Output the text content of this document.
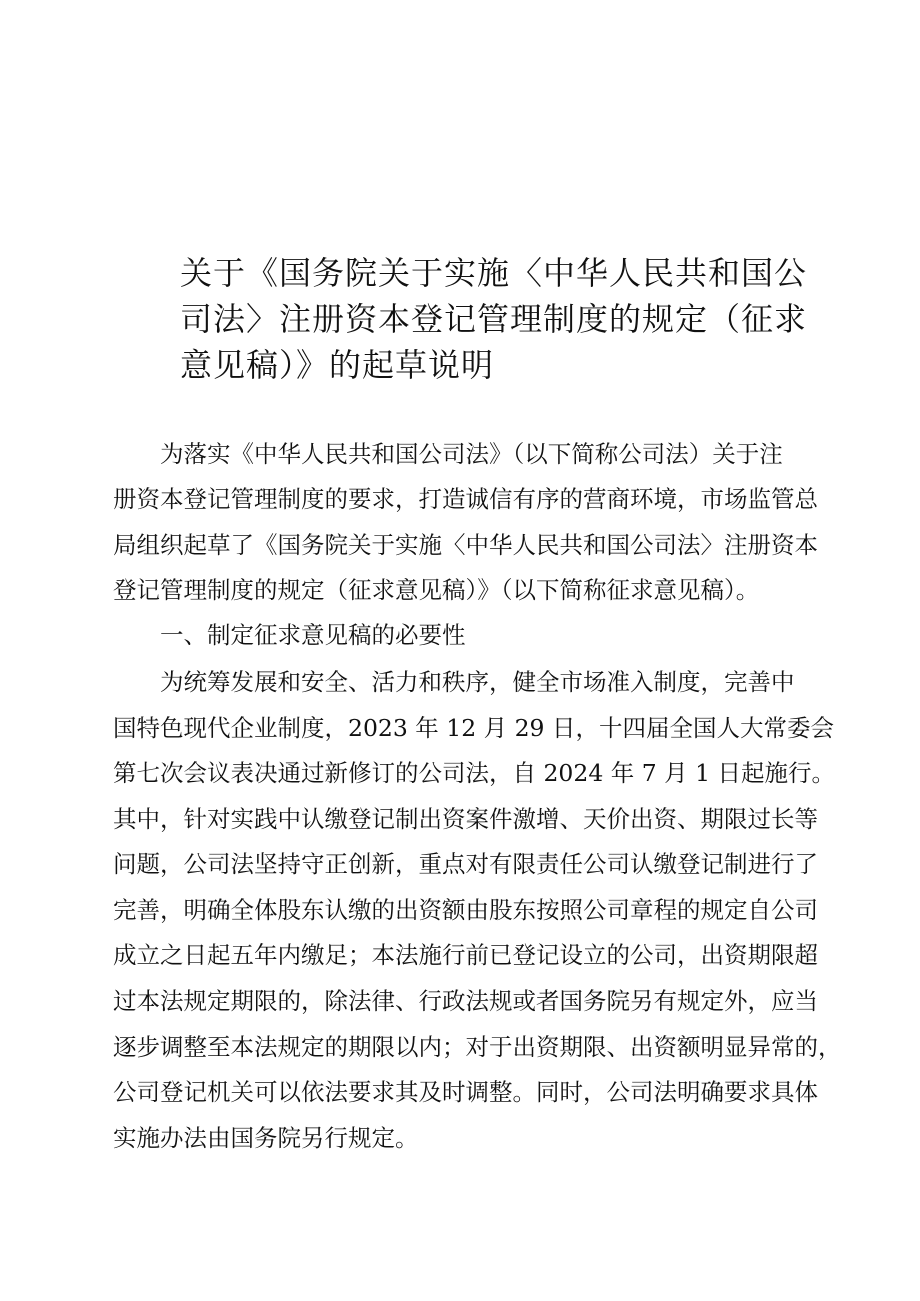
关于《国务院关于实施〈中华人民共和国公
司法〉注册资本登记管理制度的规定（征求
意见稿）》的起草说明
为落实《中华人民共和国公司法》（以下简称公司法）关于注
册资本登记管理制度的要求，打造诚信有序的营商环境，市场监管总
局组织起草了《国务院关于实施〈中华人民共和国公司法〉注册资本
登记管理制度的规定（征求意见稿）》（以下简称征求意见稿）。
一、制定征求意见稿的必要性
为统筹发展和安全、活力和秩序，健全市场准入制度，完善中
国特色现代企业制度，2023 年 12 月 29 日，十四届全国人大常委会
第七次会议表决通过新修订的公司法，自 2024 年 7 月 1 日起施行。
其中，针对实践中认缴登记制出资案件激增、天价出资、期限过长等
问题，公司法坚持守正创新，重点对有限责任公司认缴登记制进行了
完善，明确全体股东认缴的出资额由股东按照公司章程的规定自公司
成立之日起五年内缴足；本法施行前已登记设立的公司，出资期限超
过本法规定期限的，除法律、行政法规或者国务院另有规定外，应当
逐步调整至本法规定的期限以内；对于出资期限、出资额明显异常的，
公司登记机关可以依法要求其及时调整。同时，公司法明确要求具体
实施办法由国务院另行规定。
